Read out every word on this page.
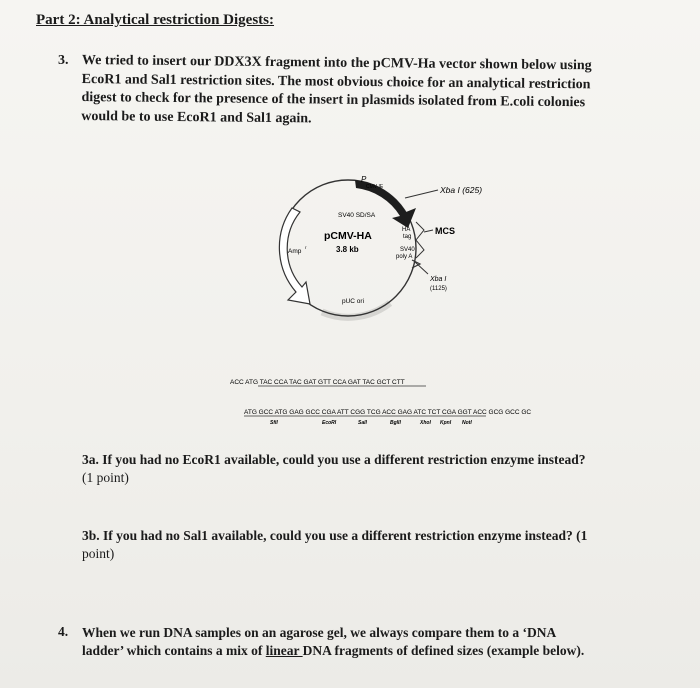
Part 2: Analytical restriction Digests:
3. We tried to insert our DDX3X fragment into the pCMV-Ha vector shown below using
EcoR1 and Sal1 restriction sites. The most obvious choice for an analytical restriction
digest to check for the presence of the insert in plasmids isolated from E.coli colonies
would be to use EcoR1 and Sal1 again.
Xba I (625)
P
CMV IE
SV40 SD/SA
pCMV-HA
3.8 kb
HA
tag
SV40
poly A
MCS
Xba I
(1125)
Amp
r
pUC ori
ACC ATG TAC CCA TAC GAT GTT CCA GAT TAC GCT CTT
ATG GCC ATG GAG GCC CGA ATT CGG TCG ACC GAG ATC TCT CGA GGT ACC GCG GCC GC
SfiI	EcoRI	SalI	BglII	XhoI KpnI NotI
3a. If you had no EcoR1 available, could you use a different restriction enzyme instead?
(1 point)
3b. If you had no Sal1 available, could you use a different restriction enzyme instead? (1
point)
4. When we run DNA samples on an agarose gel, we always compare them to a ‘DNA
ladder’ which contains a mix of linear DNA fragments of defined sizes (example below).
